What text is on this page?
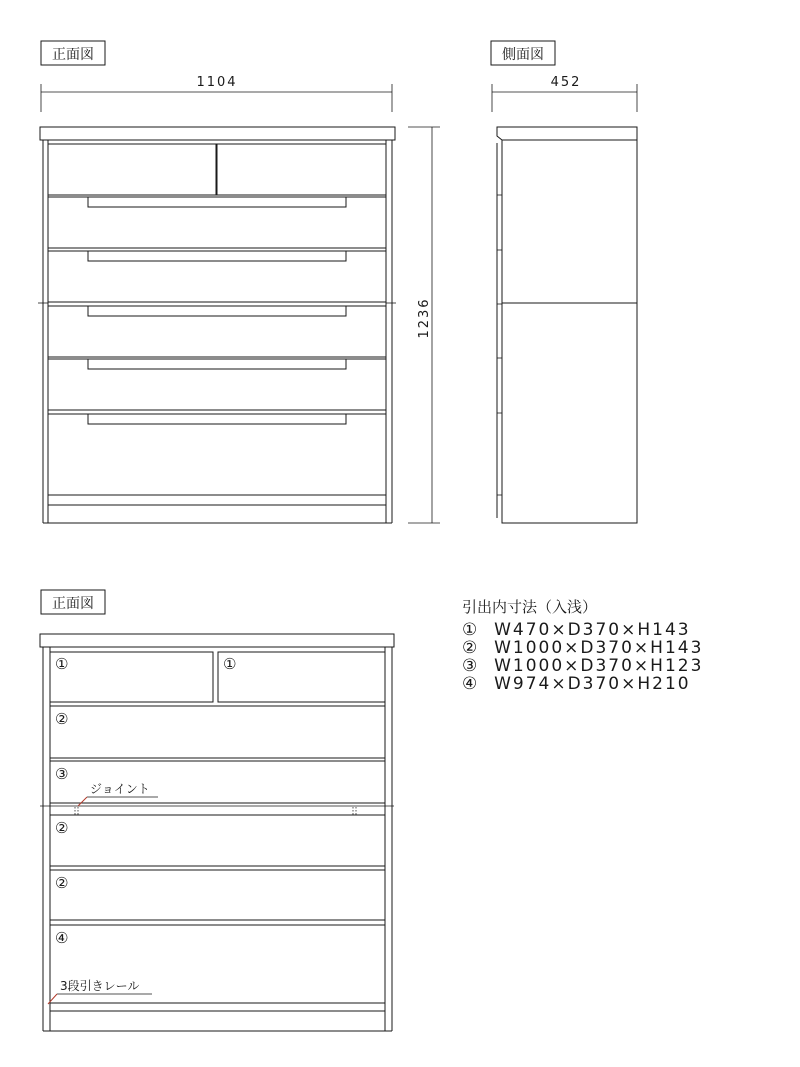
正面図
1104
1236
側面図
452
正面図
①	①
②
③
②
②
④
ジョイント
3段引きレール
引出内寸法（入浅）
① W470×D370×H143
② W1000×D370×H143
③ W1000×D370×H123
④ W974×D370×H210
